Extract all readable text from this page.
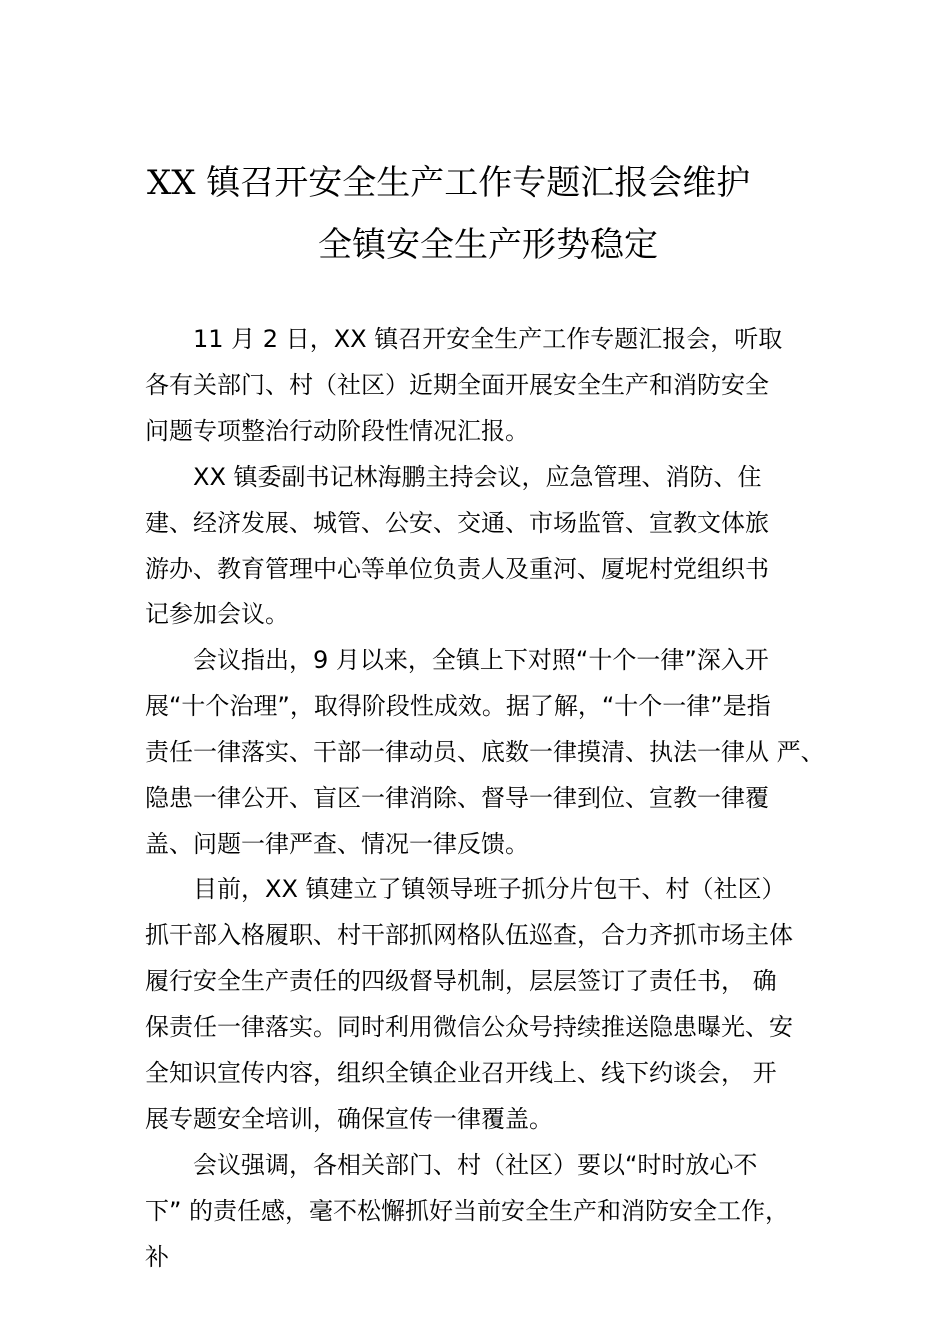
XX 镇召开安全生产工作专题汇报会维护
全镇安全生产形势稳定
11 月 2 日，XX 镇召开安全生产工作专题汇报会，听取
各有关部门、村（社区）近期全面开展安全生产和消防安全
问题专项整治行动阶段性情况汇报。
XX 镇委副书记林海鹏主持会议，应急管理、消防、住
建、经济发展、城管、公安、交通、市场监管、宣教文体旅
游办、教育管理中心等单位负责人及重河、厦坭村党组织书
记参加会议。
会议指出，9 月以来，全镇上下对照“十个一律”深入开
展“十个治理”，取得阶段性成效。据了解，“十个一律”是指
责任一律落实、干部一律动员、底数一律摸清、执法一律从 严、
隐患一律公开、盲区一律消除、督导一律到位、宣教一律覆
盖、问题一律严查、情况一律反馈。
目前，XX 镇建立了镇领导班子抓分片包干、村（社区）
抓干部入格履职、村干部抓网格队伍巡查，合力齐抓市场主体
履行安全生产责任的四级督导机制，层层签订了责任书， 确
保责任一律落实。同时利用微信公众号持续推送隐患曝光、安
全知识宣传内容，组织全镇企业召开线上、线下约谈会， 开
展专题安全培训，确保宣传一律覆盖。
会议强调，各相关部门、村（社区）要以“时时放心不
下” 的责任感，毫不松懈抓好当前安全生产和消防安全工作，
补
